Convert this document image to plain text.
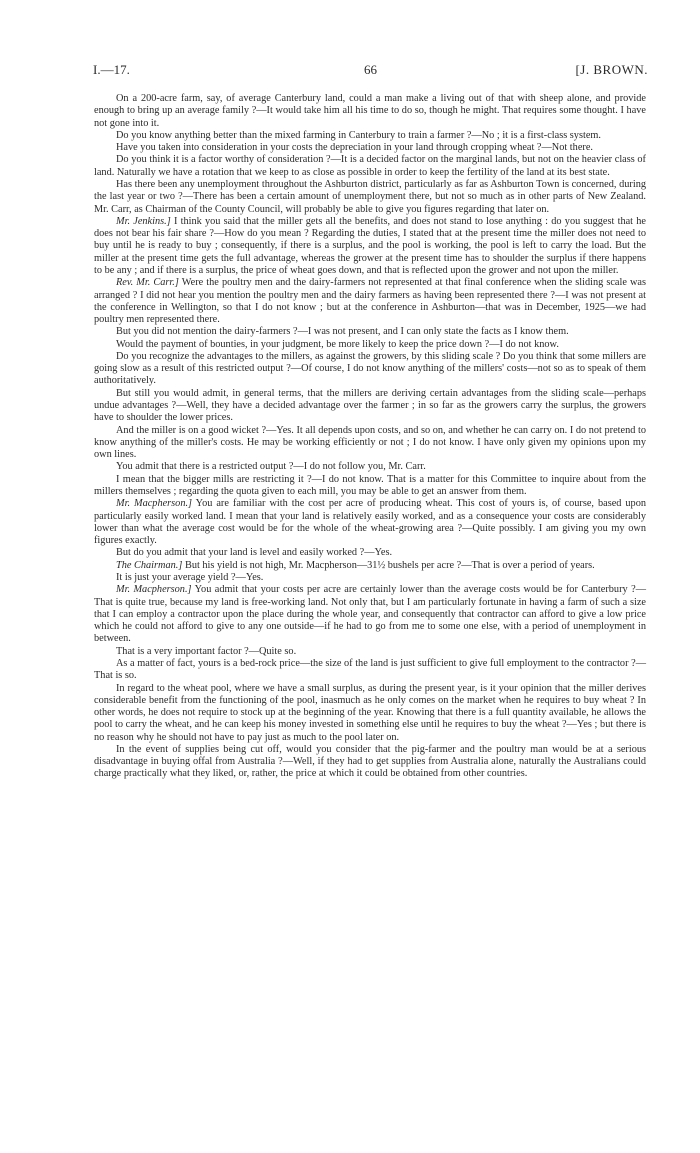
I.—17.	66	[J. BROWN.

On a 200-acre farm, say, of average Canterbury land, could a man make a living out of that with sheep alone, and provide enough to bring up an average family ?—It would take him all his time to do so, though he might. That requires some thought. I have not gone into it.

Do you know anything better than the mixed farming in Canterbury to train a farmer ?—No ; it is a first-class system.

Have you taken into consideration in your costs the depreciation in your land through cropping wheat ?—Not there.

Do you think it is a factor worthy of consideration ?—It is a decided factor on the marginal lands, but not on the heavier class of land. Naturally we have a rotation that we keep to as close as possible in order to keep the fertility of the land at its best state.

Has there been any unemployment throughout the Ashburton district, particularly as far as Ashburton Town is concerned, during the last year or two ?—There has been a certain amount of unemployment there, but not so much as in other parts of New Zealand. Mr. Carr, as Chairman of the County Council, will probably be able to give you figures regarding that later on.

Mr. Jenkins.] I think you said that the miller gets all the benefits, and does not stand to lose anything : do you suggest that he does not bear his fair share ?—How do you mean ? Regarding the duties, I stated that at the present time the miller does not need to buy until he is ready to buy ; consequently, if there is a surplus, and the pool is working, the pool is left to carry the load. But the miller at the present time gets the full advantage, whereas the grower at the present time has to shoulder the surplus if there happens to be any ; and if there is a surplus, the price of wheat goes down, and that is reflected upon the grower and not upon the miller.

Rev. Mr. Carr.] Were the poultry men and the dairy-farmers not represented at that final conference when the sliding scale was arranged ? I did not hear you mention the poultry men and the dairy farmers as having been represented there ?—I was not present at the conference in Wellington, so that I do not know ; but at the conference in Ashburton—that was in December, 1925—we had poultry men represented there.

But you did not mention the dairy-farmers ?—I was not present, and I can only state the facts as I know them.

Would the payment of bounties, in your judgment, be more likely to keep the price down ?—I do not know.

Do you recognize the advantages to the millers, as against the growers, by this sliding scale ? Do you think that some millers are going slow as a result of this restricted output ?—Of course, I do not know anything of the millers' costs—not so as to speak of them authoritatively.

But still you would admit, in general terms, that the millers are deriving certain advantages from the sliding scale—perhaps undue advantages ?—Well, they have a decided advantage over the farmer ; in so far as the growers carry the surplus, the growers have to shoulder the lower prices.

And the miller is on a good wicket ?—Yes. It all depends upon costs, and so on, and whether he can carry on. I do not pretend to know anything of the miller's costs. He may be working efficiently or not ; I do not know. I have only given my opinions upon my own lines.

You admit that there is a restricted output ?—I do not follow you, Mr. Carr.

I mean that the bigger mills are restricting it ?—I do not know. That is a matter for this Committee to inquire about from the millers themselves ; regarding the quota given to each mill, you may be able to get an answer from them.

Mr. Macpherson.] You are familiar with the cost per acre of producing wheat. This cost of yours is, of course, based upon particularly easily worked land. I mean that your land is relatively easily worked, and as a consequence your costs are considerably lower than what the average cost would be for the whole of the wheat-growing area ?—Quite possibly. I am giving you my own figures exactly.

But do you admit that your land is level and easily worked ?—Yes.

The Chairman.] But his yield is not high, Mr. Macpherson—31½ bushels per acre ?—That is over a period of years.

It is just your average yield ?—Yes.

Mr. Macpherson.] You admit that your costs per acre are certainly lower than the average costs would be for Canterbury ?—That is quite true, because my land is free-working land. Not only that, but I am particularly fortunate in having a farm of such a size that I can employ a contractor upon the place during the whole year, and consequently that contractor can afford to give a low price which he could not afford to give to any one outside—if he had to go from me to some one else, with a period of unemployment in between.

That is a very important factor ?—Quite so.

As a matter of fact, yours is a bed-rock price—the size of the land is just sufficient to give full employment to the contractor ?—That is so.

In regard to the wheat pool, where we have a small surplus, as during the present year, is it your opinion that the miller derives considerable benefit from the functioning of the pool, inasmuch as he only comes on the market when he requires to buy wheat ? In other words, he does not require to stock up at the beginning of the year. Knowing that there is a full quantity available, he allows the pool to carry the wheat, and he can keep his money invested in something else until he requires to buy the wheat ?—Yes ; but there is no reason why he should not have to pay just as much to the pool later on.

In the event of supplies being cut off, would you consider that the pig-farmer and the poultry man would be at a serious disadvantage in buying offal from Australia ?—Well, if they had to get supplies from Australia alone, naturally the Australians could charge practically what they liked, or, rather, the price at which it could be obtained from other countries.
